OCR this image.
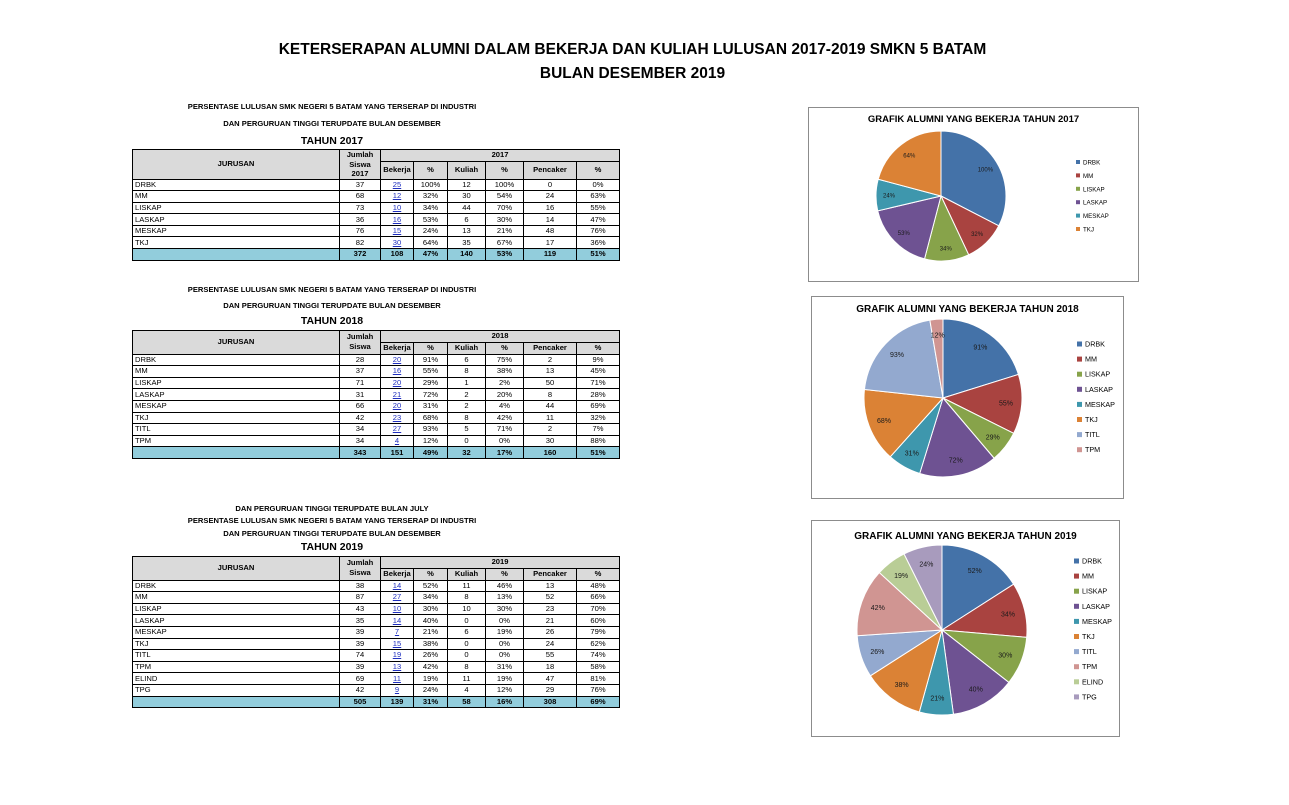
KETERSERAPAN ALUMNI DALAM BEKERJA DAN KULIAH LULUSAN 2017-2019 SMKN 5 BATAM
BULAN DESEMBER 2019
PERSENTASE LULUSAN SMK NEGERI 5 BATAM YANG TERSERAP DI INDUSTRI
DAN PERGURUAN TINGGI TERUPDATE BULAN DESEMBER
TAHUN 2017
JURUSAN	Jumlah Siswa 2017	2017					
		Bekerja	%	Kuliah	%	Pencaker	%
DRBK	37	25	100%	12	100%	0	0%
MM	68	12	32%	30	54%	24	63%
LISKAP	73	10	34%	44	70%	16	55%
LASKAP	36	16	53%	6	30%	14	47%
MESKAP	76	15	24%	13	21%	48	76%
TKJ	82	30	64%	35	67%	17	36%
	372	108	47%	140	53%	119	51%
PERSENTASE LULUSAN SMK NEGERI 5 BATAM YANG TERSERAP DI INDUSTRI
DAN PERGURUAN TINGGI TERUPDATE BULAN DESEMBER
TAHUN 2018
JURUSAN	Jumlah Siswa	2018					
		Bekerja	%	Kuliah	%	Pencaker	%
DRBK	28	20	91%	6	75%	2	9%
MM	37	16	55%	8	38%	13	45%
LISKAP	71	20	29%	1	2%	50	71%
LASKAP	31	21	72%	2	20%	8	28%
MESKAP	66	20	31%	2	4%	44	69%
TKJ	42	23	68%	8	42%	11	32%
TITL	34	27	93%	5	71%	2	7%
TPM	34	4	12%	0	0%	30	88%
	343	151	49%	32	17%	160	51%
DAN PERGURUAN TINGGI TERUPDATE BULAN JULY
PERSENTASE LULUSAN SMK NEGERI 5 BATAM YANG TERSERAP DI INDUSTRI
DAN PERGURUAN TINGGI TERUPDATE BULAN DESEMBER
TAHUN 2019
JURUSAN	Jumlah Siswa	2019					
		Bekerja	%	Kuliah	%	Pencaker	%
DRBK	38	14	52%	11	46%	13	48%
MM	87	27	34%	8	13%	52	66%
LISKAP	43	10	30%	10	30%	23	70%
LASKAP	35	14	40%	0	0%	21	60%
MESKAP	39	7	21%	6	19%	26	79%
TKJ	39	15	38%	0	0%	24	62%
TITL	74	19	26%	0	0%	55	74%
TPM	39	13	42%	8	31%	18	58%
ELIND	69	11	19%	11	19%	47	81%
TPG	42	9	24%	4	12%	29	76%
	505	139	31%	58	16%	308	69%
GRAFIK ALUMNI YANG BEKERJA TAHUN 2017
100%
32%
34%
53%
24%
64%
DRBK
MM
LISKAP
LASKAP
MESKAP
TKJ
GRAFIK ALUMNI YANG BEKERJA TAHUN 2018
91%
55%
29%
72%
31%
68%
93%
12%
DRBK
MM
LISKAP
LASKAP
MESKAP
TKJ
TITL
TPM
GRAFIK ALUMNI YANG BEKERJA TAHUN 2019
52%
34%
30%
40%
21%
38%
26%
42%
19%
24%	DRBK
MM
LISKAP
LASKAP
MESKAP
TKJ
TITL
TPM
ELIND
TPG
